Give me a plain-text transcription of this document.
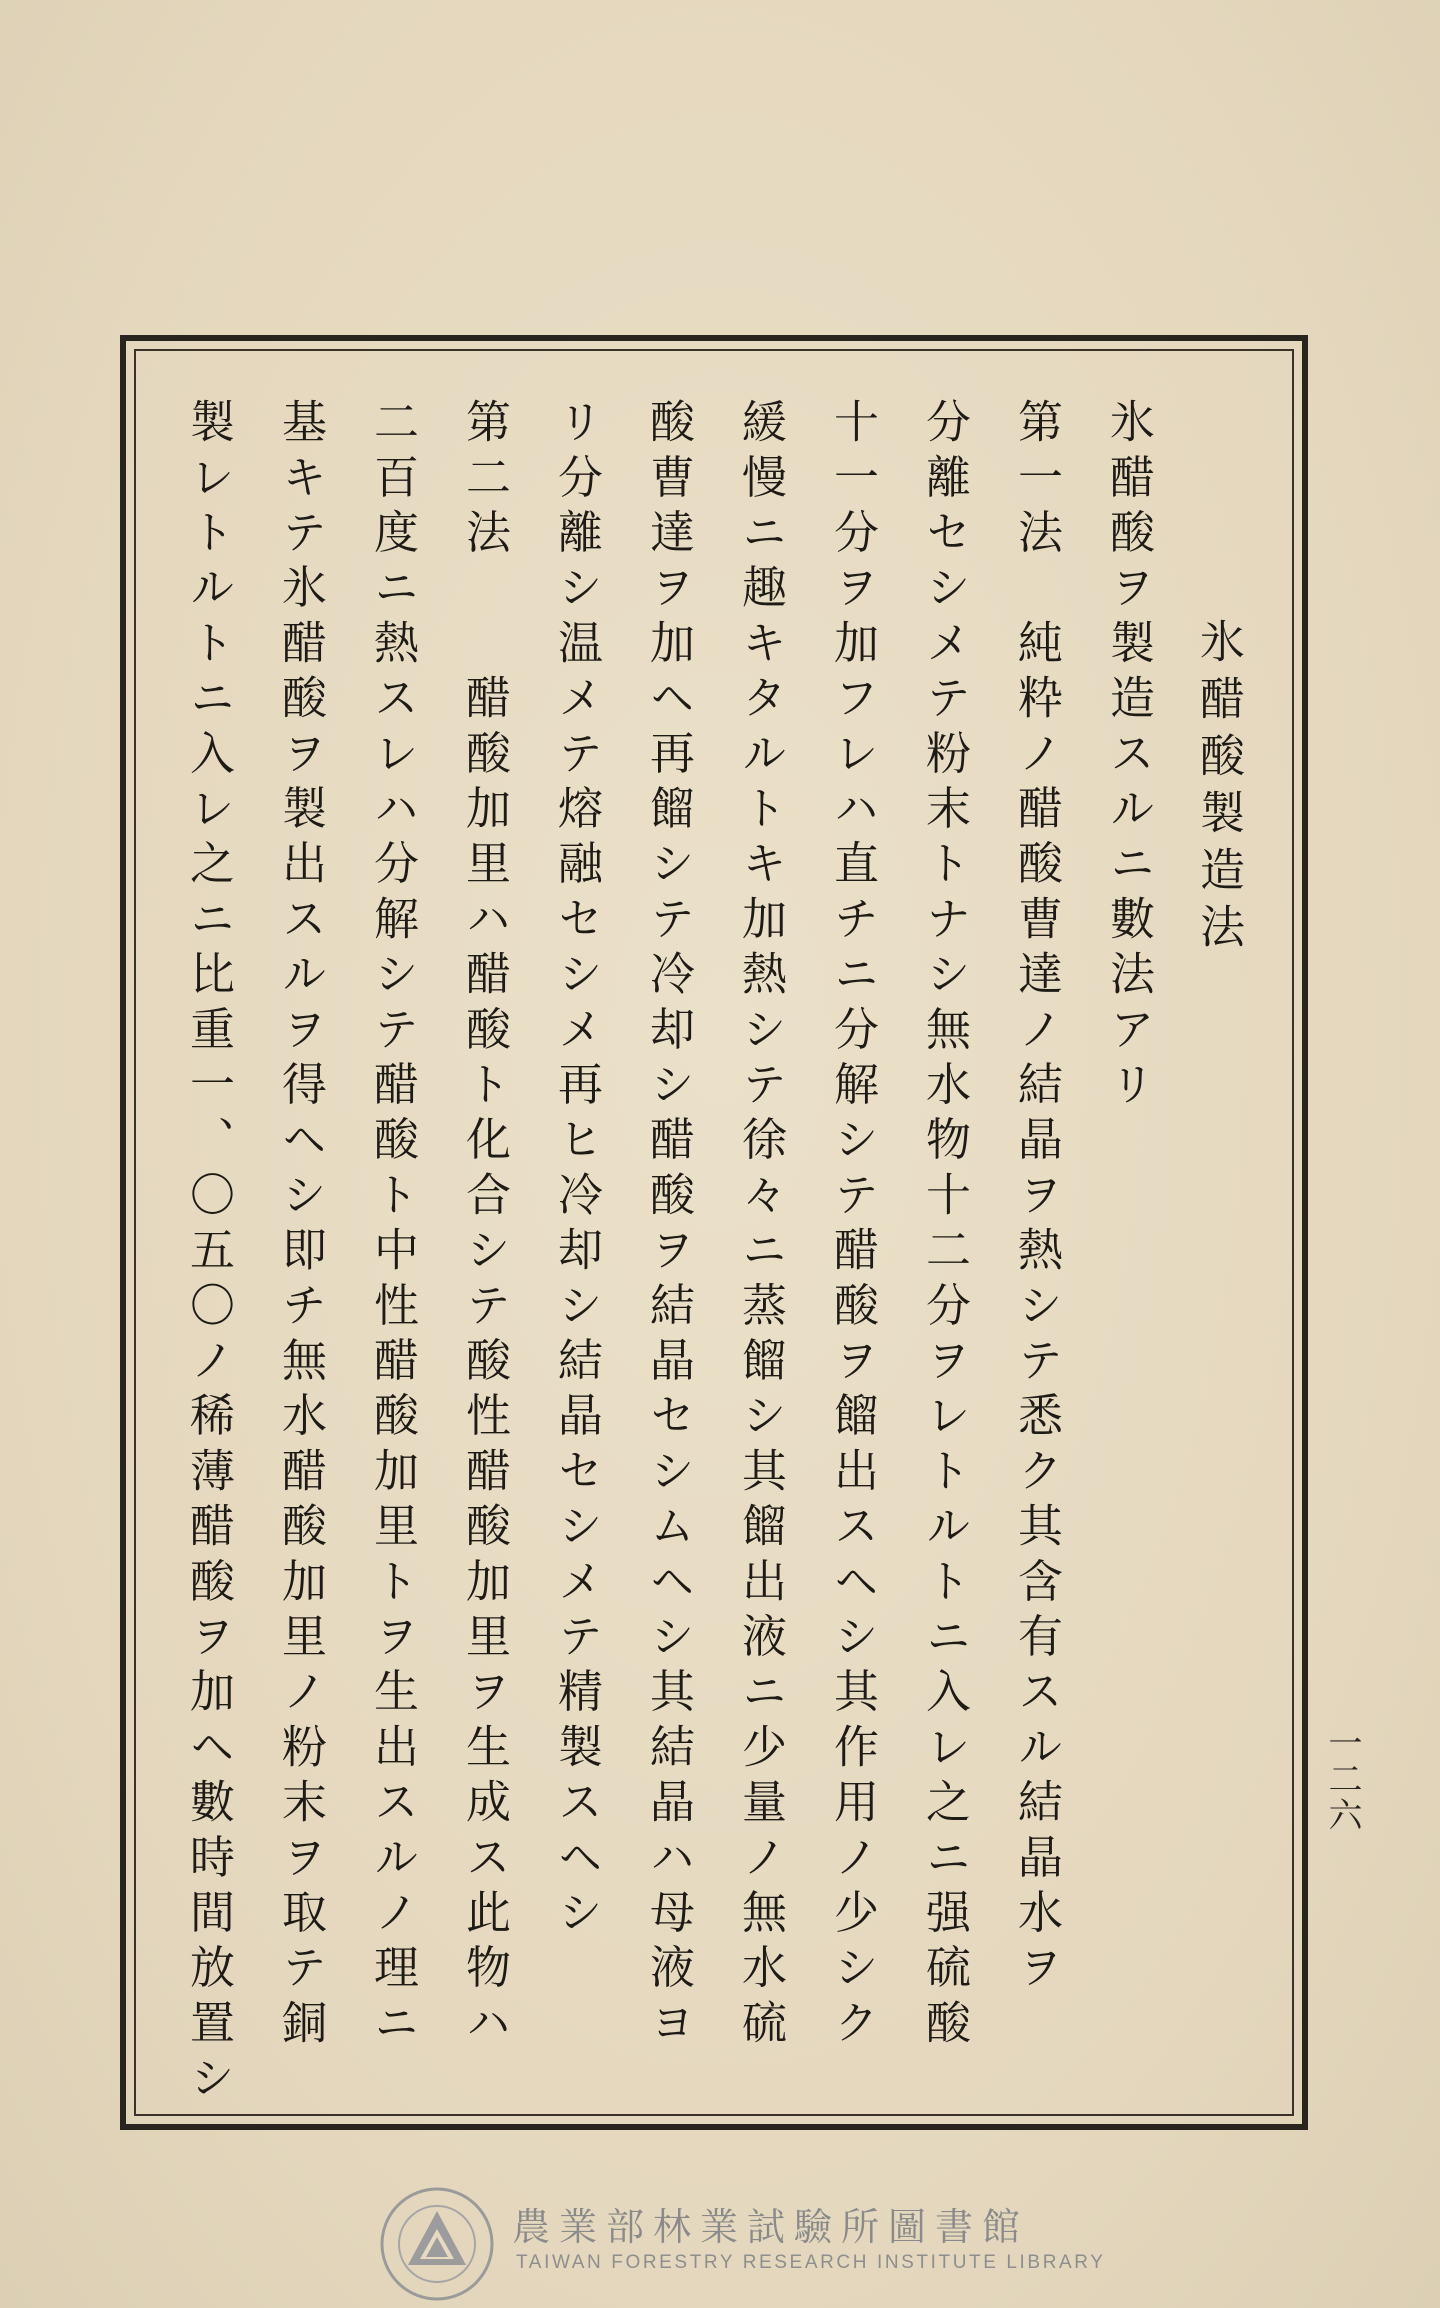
氷醋酸製造法
氷醋酸ヲ製造スルニ數法アリ
第一法　純粋ノ醋酸曹達ノ結晶ヲ熱シテ悉ク其含有スル結晶水ヲ
分離セシメテ粉末トナシ無水物十二分ヲレトルトニ入レ之ニ强硫酸
十一分ヲ加フレハ直チニ分解シテ醋酸ヲ餾出スヘシ其作用ノ少シク
緩慢ニ趣キタルトキ加熱シテ徐々ニ蒸餾シ其餾出液ニ少量ノ無水硫
酸曹達ヲ加ヘ再餾シテ冷却シ醋酸ヲ結晶セシムヘシ其結晶ハ母液ヨ
リ分離シ温メテ熔融セシメ再ヒ冷却シ結晶セシメテ精製スヘシ
第二法　　醋酸加里ハ醋酸ト化合シテ酸性醋酸加里ヲ生成ス此物ハ
二百度ニ熱スレハ分解シテ醋酸ト中性醋酸加里トヲ生出スルノ理ニ
基キテ氷醋酸ヲ製出スルヲ得ヘシ即チ無水醋酸加里ノ粉末ヲ取テ銅
製レトルトニ入レ之ニ比重一、〇五〇ノ稀薄醋酸ヲ加ヘ數時間放置シ	一二六
農業部林業試驗所圖書館
TAIWAN FORESTRY RESEARCH INSTITUTE LIBRARY
